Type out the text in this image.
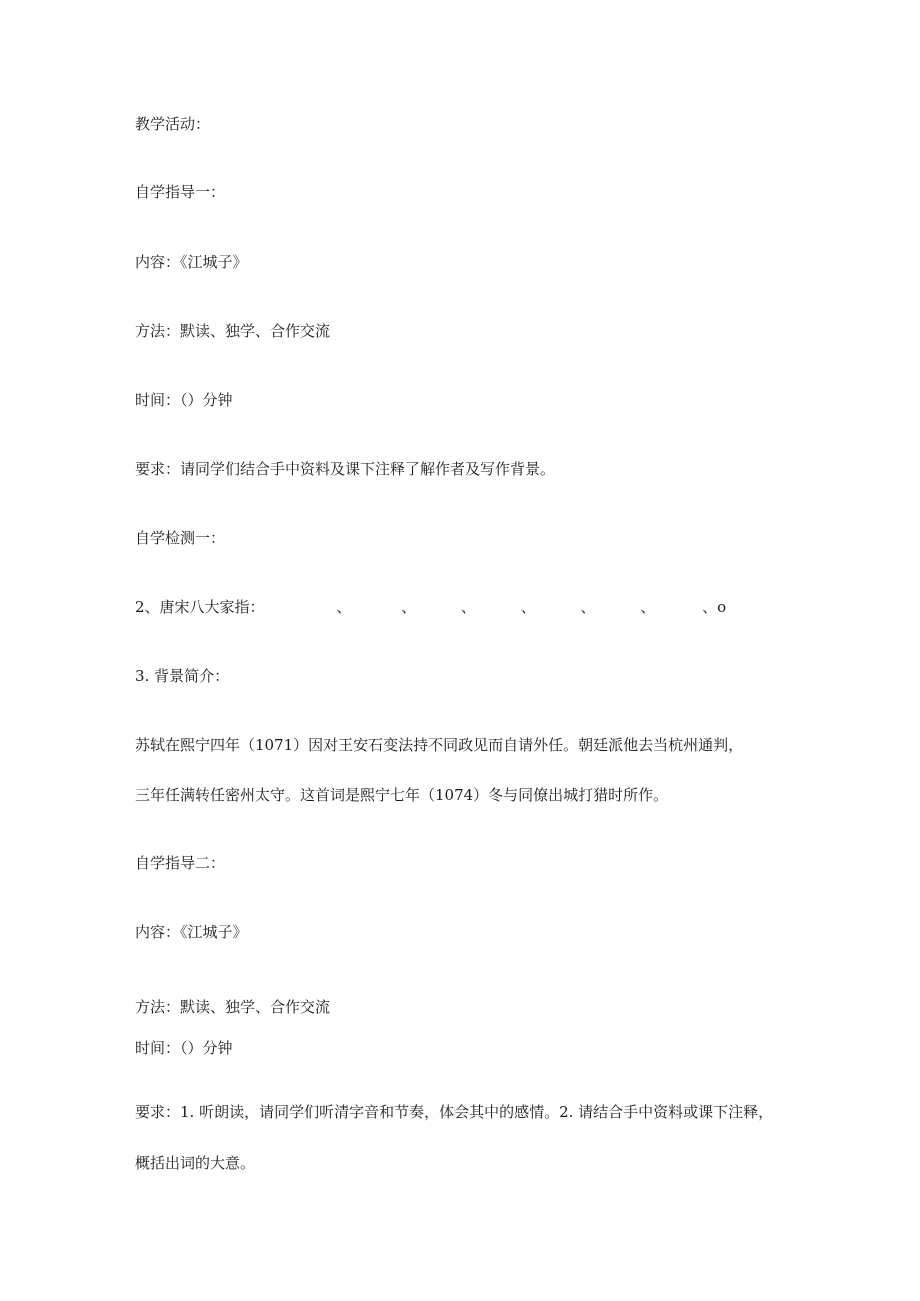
教学活动：
自学指导一：
内容：《江城子》
方法：默读、独学、合作交流
时间：（）分钟
要求：请同学们结合手中资料及课下注释了解作者及写作背景。
自学检测一：
2、唐宋八大家指：	、	、	、	、	、	、	、o
3. 背景简介：
苏轼在熙宁四年（1071）因对王安石变法持不同政见而自请外任。朝廷派他去当杭州通判，
三年任满转任密州太守。这首词是熙宁七年（1074）冬与同僚出城打猎时所作。
自学指导二：
内容：《江城子》
方法：默读、独学、合作交流
时间：（）分钟
要求：1. 听朗读，请同学们听清字音和节奏，体会其中的感情。2. 请结合手中资料或课下注释，
概括出词的大意。
